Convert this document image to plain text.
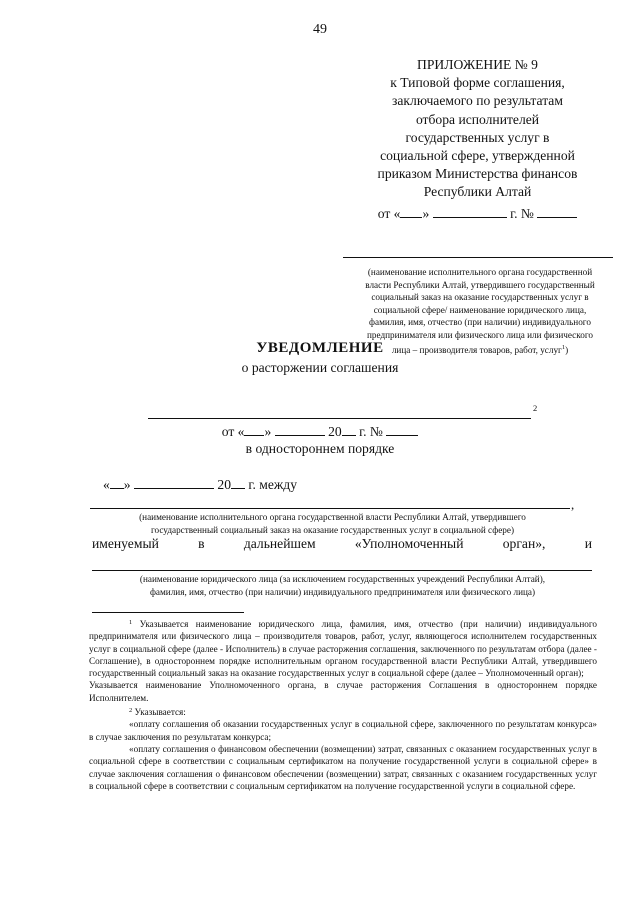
49
ПРИЛОЖЕНИЕ № 9
к Типовой форме соглашения,
заключаемого по результатам
отбора исполнителей
государственных услуг в
социальной сфере, утвержденной
приказом Министерства финансов
Республики Алтай
от « »	г. №
(наименование исполнительного органа государственной
власти Республики Алтай, утвердившего государственный
социальный заказ на оказание государственных услуг в
социальной сфере/ наименование юридического лица,
фамилия, имя, отчество (при наличии) индивидуального
предпринимателя или физического лица или физического
лица – производителя товаров, работ, услуг$^1$)
УВЕДОМЛЕНИЕ
о расторжении соглашения
2
от « »	20 г. №
в одностороннем порядке
« »	20 г. между
,
(наименование исполнительного органа государственной власти Республики Алтай, утвердившего
государственный социальный заказ на оказание государственных услуг в социальной сфере)
именуемый	в	дальнейшем	«Уполномоченный	орган»,	и
(наименование юридического лица (за исключением государственных учреждений Республики Алтай),
фамилия, имя, отчество (при наличии) индивидуального предпринимателя или физического лица)

$^1$ Указывается наименование юридического лица, фамилия, имя, отчество (при наличии) индивидуального предпринимателя или физического лица – производителя товаров, работ, услуг, являющегося исполнителем государственных услуг в социальной сфере (далее - Исполнитель) в случае расторжения соглашения, заключенного по результатам отбора (далее - Соглашение), в одностороннем порядке исполнительным органом государственной власти Республики Алтай, утвердившего государственный социальный заказ на оказание государственных услуг в социальной сфере (далее – Уполномоченный орган);

Указывается наименование Уполномоченного органа, в случае расторжения Соглашения в одностороннем порядке Исполнителем.

$^2$ Указывается:

«оплату соглашения об оказании государственных услуг в социальной сфере, заключенного по результатам конкурса» в случае заключения по результатам конкурса;

«оплату соглашения о финансовом обеспечении (возмещении) затрат, связанных с оказанием государственных услуг в социальной сфере в соответствии с социальным сертификатом на получение государственной услуги в социальной сфере» в случае заключения соглашения о финансовом обеспечении (возмещении) затрат, связанных с оказанием государственных услуг в социальной сфере в соответствии с социальным сертификатом на получение государственной услуги в социальной сфере.
